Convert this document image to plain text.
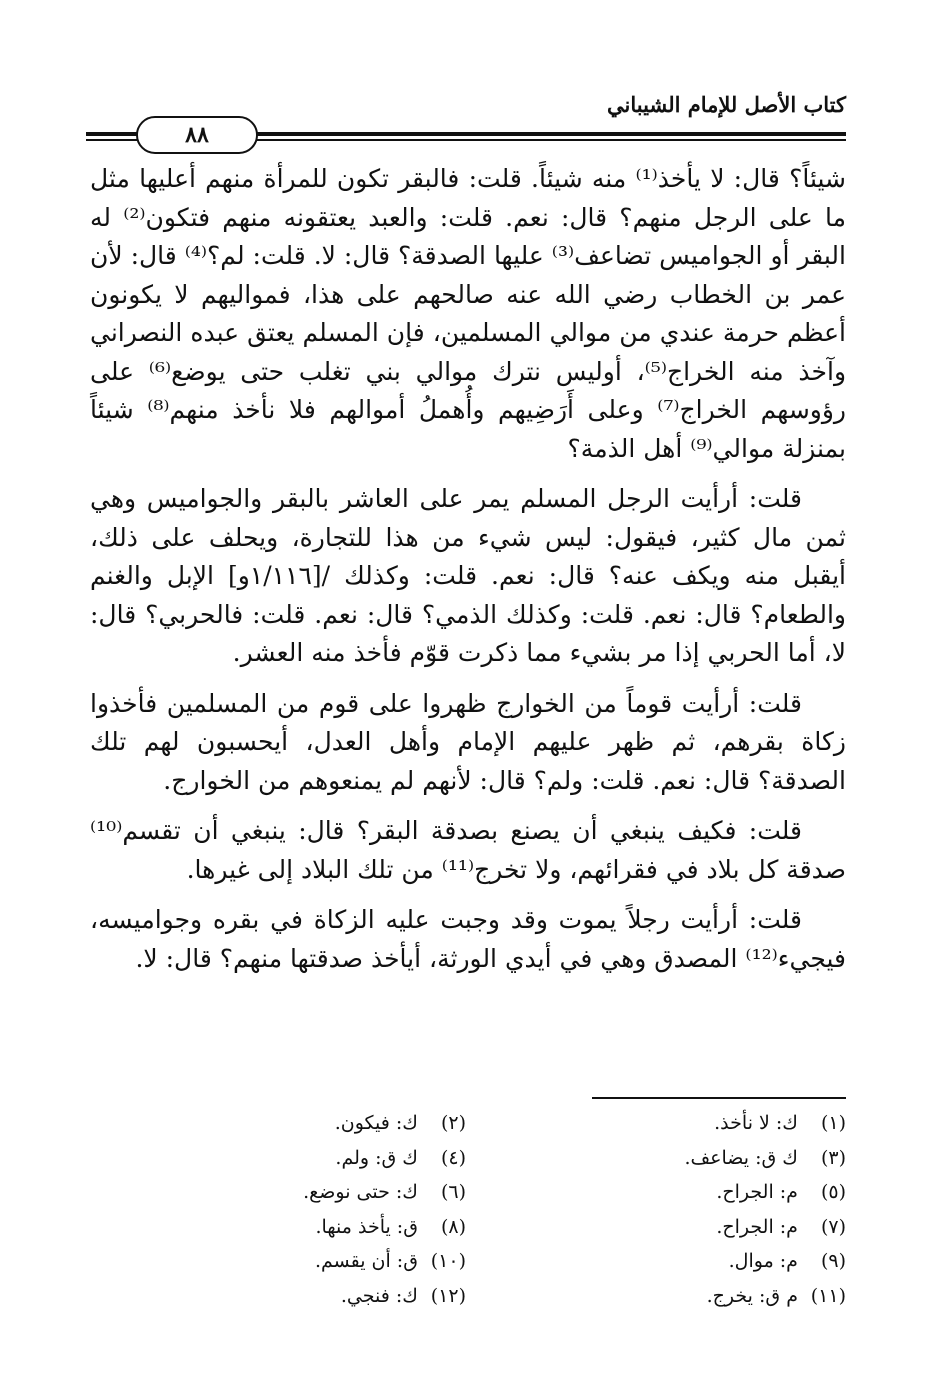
كتاب الأصل للإمام الشيباني
٨٨

شيئاً؟ قال: لا يأخذ⁽¹⁾ منه شيئاً. قلت: فالبقر تكون للمرأة منهم أعليها مثل ما على الرجل منهم؟ قال: نعم. قلت: والعبد يعتقونه منهم فتكون⁽²⁾ له البقر أو الجواميس تضاعف⁽³⁾ عليها الصدقة؟ قال: لا. قلت: لم؟⁽⁴⁾ قال: لأن عمر بن الخطاب رضي الله عنه صالحهم على هذا، فمواليهم لا يكونون أعظم حرمة عندي من موالي المسلمين، فإن المسلم يعتق عبده النصراني وآخذ منه الخراج⁽⁵⁾، أوليس نترك موالي بني تغلب حتى يوضع⁽⁶⁾ على رؤوسهم الخراج⁽⁷⁾ وعلى أَرَضِيهم وأُهملُ أموالهم فلا نأخذ منهم⁽⁸⁾ شيئاً بمنزلة موالي⁽⁹⁾ أهل الذمة؟

قلت: أرأيت الرجل المسلم يمر على العاشر بالبقر والجواميس وهي ثمن مال كثير، فيقول: ليس شيء من هذا للتجارة، ويحلف على ذلك، أيقبل منه ويكف عنه؟ قال: نعم. قلت: وكذلك /[١/١١٦و] الإبل والغنم والطعام؟ قال: نعم. قلت: وكذلك الذمي؟ قال: نعم. قلت: فالحربي؟ قال: لا، أما الحربي إذا مر بشيء مما ذكرت قوّم فأخذ منه العشر.

قلت: أرأيت قوماً من الخوارج ظهروا على قوم من المسلمين فأخذوا زكاة بقرهم، ثم ظهر عليهم الإمام وأهل العدل، أيحسبون لهم تلك الصدقة؟ قال: نعم. قلت: ولم؟ قال: لأنهم لم يمنعوهم من الخوارج.

قلت: فكيف ينبغي أن يصنع بصدقة البقر؟ قال: ينبغي أن تقسم⁽¹⁰⁾ صدقة كل بلاد في فقرائهم، ولا تخرج⁽¹¹⁾ من تلك البلاد إلى غيرها.

قلت: أرأيت رجلاً يموت وقد وجبت عليه الزكاة في بقره وجواميسه، فيجيء⁽¹²⁾ المصدق وهي في أيدي الورثة، أيأخذ صدقتها منهم؟ قال: لا.

(١) ك: لا نأخذ.
(٢) ك: فيكون.
(٣) ك ق: يضاعف.
(٤) ك ق: ولم.
(٥) م: الجراح.
(٦) ك: حتى نوضع.
(٧) م: الجراح.
(٨) ق: يأخذ منها.
(٩) م: موال.
(١٠) ق: أن يقسم.
(١١) م ق: يخرج.
(١٢) ك: فنجي.
